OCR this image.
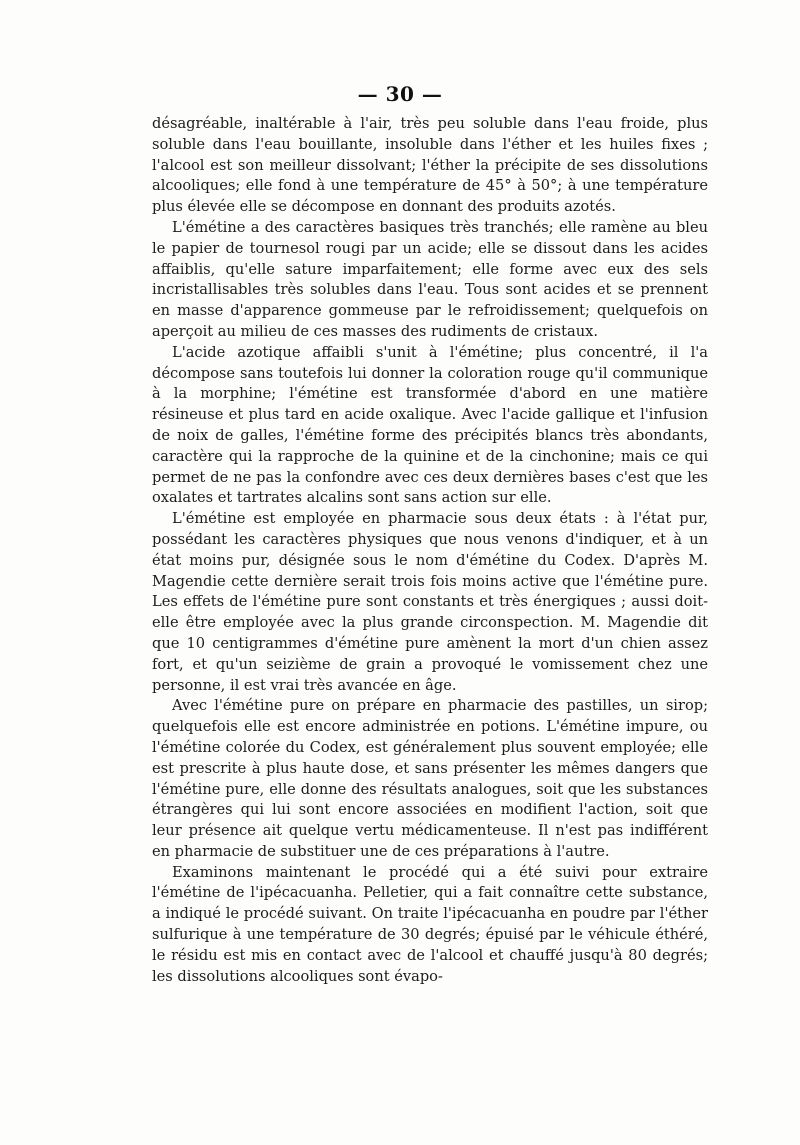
— 30 —

désagréable, inaltérable à l'air, très peu soluble dans l'eau froide, plus soluble dans l'eau bouillante, insoluble dans l'éther et les huiles fixes ; l'alcool est son meilleur dissolvant; l'éther la précipite de ses dissolutions alcooliques; elle fond à une température de 45° à 50°; à une température plus élevée elle se décompose en donnant des produits azotés.

L'émétine a des caractères basiques très tranchés; elle ramène au bleu le papier de tournesol rougi par un acide; elle se dissout dans les acides affaiblis, qu'elle sature imparfaitement; elle forme avec eux des sels incristallisables très solubles dans l'eau. Tous sont acides et se prennent en masse d'apparence gommeuse par le refroidissement; quelquefois on aperçoit au milieu de ces masses des rudiments de cristaux.

L'acide azotique affaibli s'unit à l'émétine; plus concentré, il l'a décompose sans toutefois lui donner la coloration rouge qu'il communique à la morphine; l'émétine est transformée d'abord en une matière résineuse et plus tard en acide oxalique. Avec l'acide gallique et l'infusion de noix de galles, l'émétine forme des précipités blancs très abondants, caractère qui la rapproche de la quinine et de la cinchonine; mais ce qui permet de ne pas la confondre avec ces deux dernières bases c'est que les oxalates et tartrates alcalins sont sans action sur elle.

L'émétine est employée en pharmacie sous deux états : à l'état pur, possédant les caractères physiques que nous venons d'indiquer, et à un état moins pur, désignée sous le nom d'émétine du Codex. D'après M. Magendie cette dernière serait trois fois moins active que l'émétine pure. Les effets de l'émétine pure sont constants et très énergiques ; aussi doit-elle être employée avec la plus grande circonspection. M. Magendie dit que 10 centigrammes d'émétine pure amènent la mort d'un chien assez fort, et qu'un seizième de grain a provoqué le vomissement chez une personne, il est vrai très avancée en âge.

Avec l'émétine pure on prépare en pharmacie des pastilles, un sirop; quelquefois elle est encore administrée en potions. L'émétine impure, ou l'émétine colorée du Codex, est généralement plus souvent employée; elle est prescrite à plus haute dose, et sans présenter les mêmes dangers que l'émétine pure, elle donne des résultats analogues, soit que les substances étrangères qui lui sont encore associées en modifient l'action, soit que leur présence ait quelque vertu médicamenteuse. Il n'est pas indifférent en pharmacie de substituer une de ces préparations à l'autre.

Examinons maintenant le procédé qui a été suivi pour extraire l'émétine de l'ipécacuanha. Pelletier, qui a fait connaître cette substance, a indiqué le procédé suivant. On traite l'ipécacuanha en poudre par l'éther sulfurique à une température de 30 degrés; épuisé par le véhicule éthéré, le résidu est mis en contact avec de l'alcool et chauffé jusqu'à 80 degrés; les dissolutions alcooliques sont évapo-
